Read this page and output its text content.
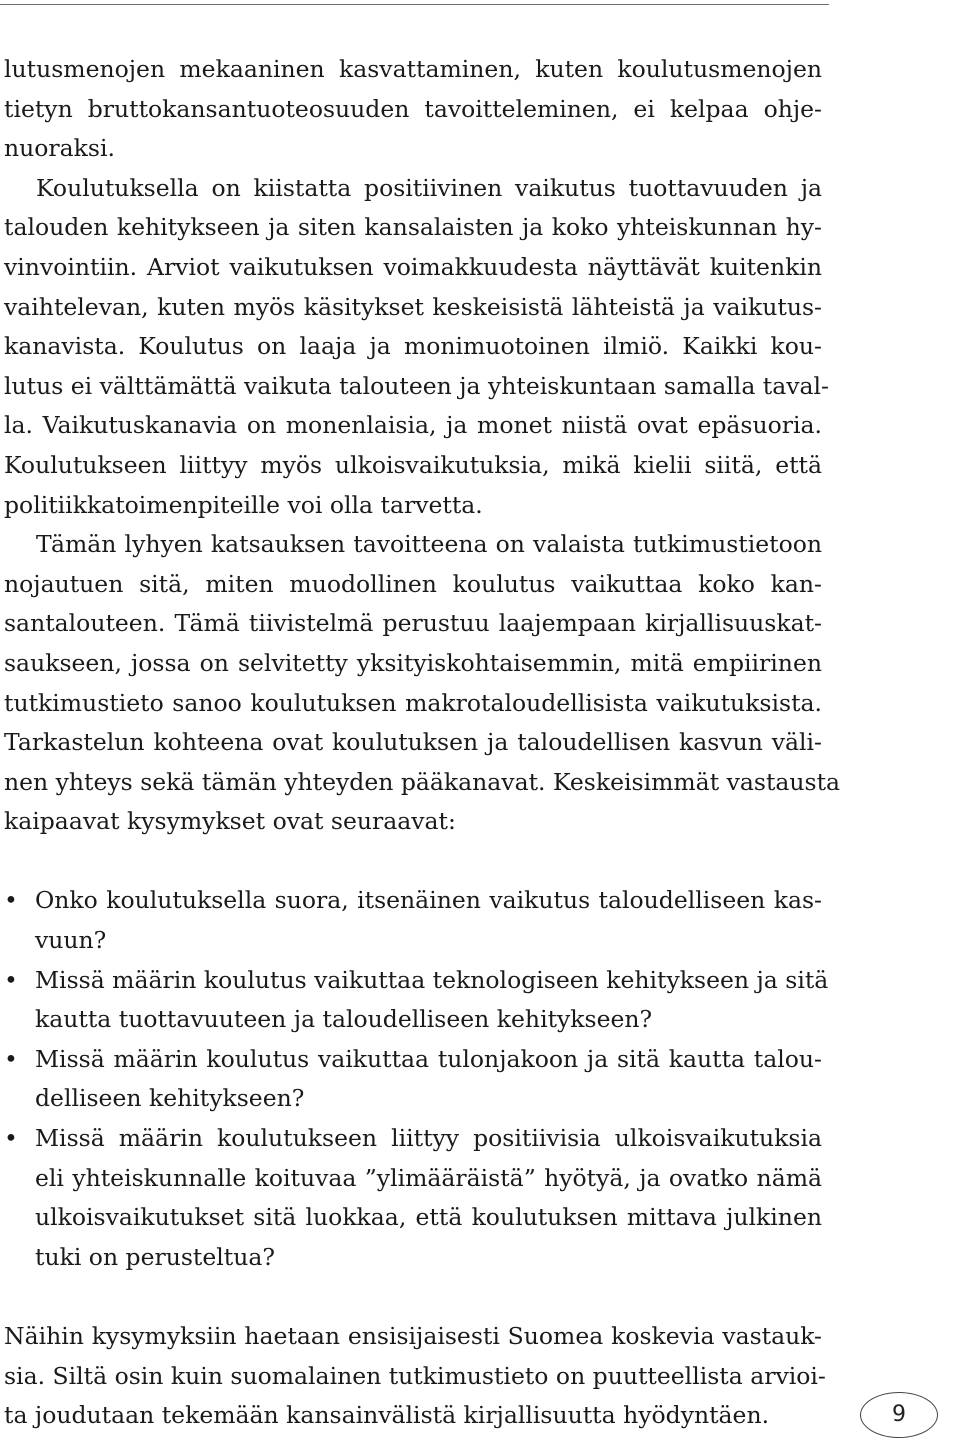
lutusmenojen mekaaninen kasvattaminen, kuten koulutusmenojen
tietyn bruttokansantuoteosuuden tavoitteleminen, ei kelpaa ohje-
nuoraksi.
Koulutuksella on kiistatta positiivinen vaikutus tuottavuuden ja
talouden kehitykseen ja siten kansalaisten ja koko yhteiskunnan hy-
vinvointiin. Arviot vaikutuksen voimakkuudesta näyttävät kuitenkin
vaihtelevan, kuten myös käsitykset keskeisistä lähteistä ja vaikutus-
kanavista. Koulutus on laaja ja monimuotoinen ilmiö. Kaikki kou-
lutus ei välttämättä vaikuta talouteen ja yhteiskuntaan samalla taval-
la. Vaikutuskanavia on monenlaisia, ja monet niistä ovat epäsuoria.
Koulutukseen liittyy myös ulkoisvaikutuksia, mikä kielii siitä, että
politiikkatoimenpiteille voi olla tarvetta.
Tämän lyhyen katsauksen tavoitteena on valaista tutkimustietoon
nojautuen sitä, miten muodollinen koulutus vaikuttaa koko kan-
santalouteen. Tämä tiivistelmä perustuu laajempaan kirjallisuuskat-
saukseen, jossa on selvitetty yksityiskohtaisemmin, mitä empiirinen
tutkimustieto sanoo koulutuksen makrotaloudellisista vaikutuksista.
Tarkastelun kohteena ovat koulutuksen ja taloudellisen kasvun väli-
nen yhteys sekä tämän yhteyden pääkanavat. Keskeisimmät vastausta
kaipaavat kysymykset ovat seuraavat:
• Onko koulutuksella suora, itsenäinen vaikutus taloudelliseen kas-
vuun?
• Missä määrin koulutus vaikuttaa teknologiseen kehitykseen ja sitä
kautta tuottavuuteen ja taloudelliseen kehitykseen?
• Missä määrin koulutus vaikuttaa tulonjakoon ja sitä kautta talou-
delliseen kehitykseen?
• Missä määrin koulutukseen liittyy positiivisia ulkoisvaikutuksia
eli yhteiskunnalle koituvaa ”ylimääräistä” hyötyä, ja ovatko nämä
ulkoisvaikutukset sitä luokkaa, että koulutuksen mittava julkinen
tuki on perusteltua?
Näihin kysymyksiin haetaan ensisijaisesti Suomea koskevia vastauk-
sia. Siltä osin kuin suomalainen tutkimustieto on puutteellista arvioi-
ta joudutaan tekemään kansainvälistä kirjallisuutta hyödyntäen.	9
